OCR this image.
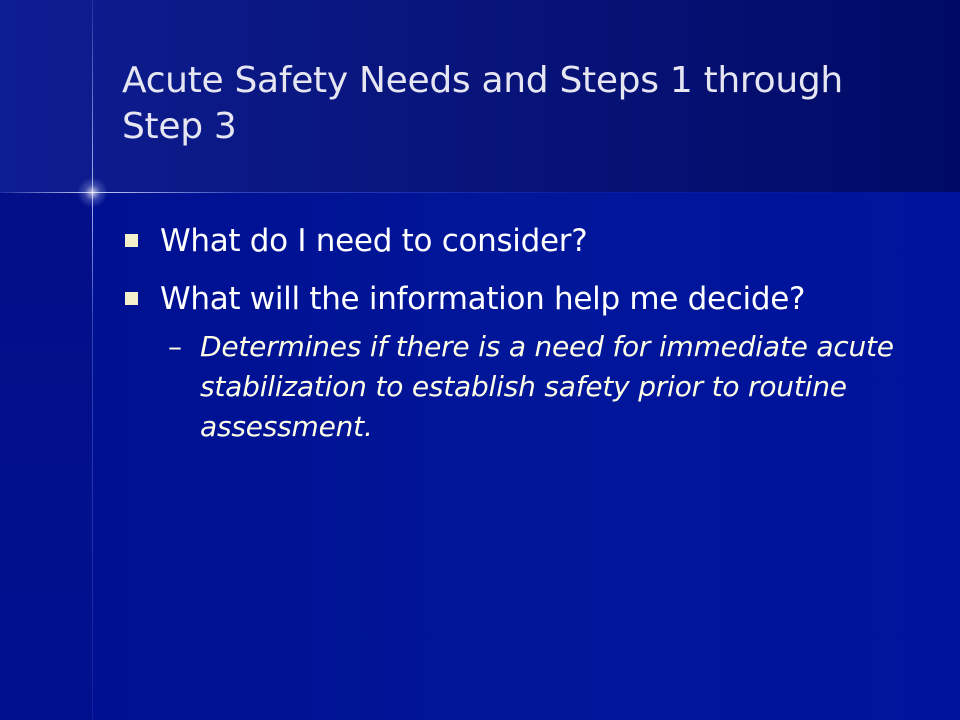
Acute Safety Needs and Steps 1 through Step 3
What do I need to consider?
What will the information help me decide?
– Determines if there is a need for immediate acute stabilization to establish safety prior to routine assessment.
